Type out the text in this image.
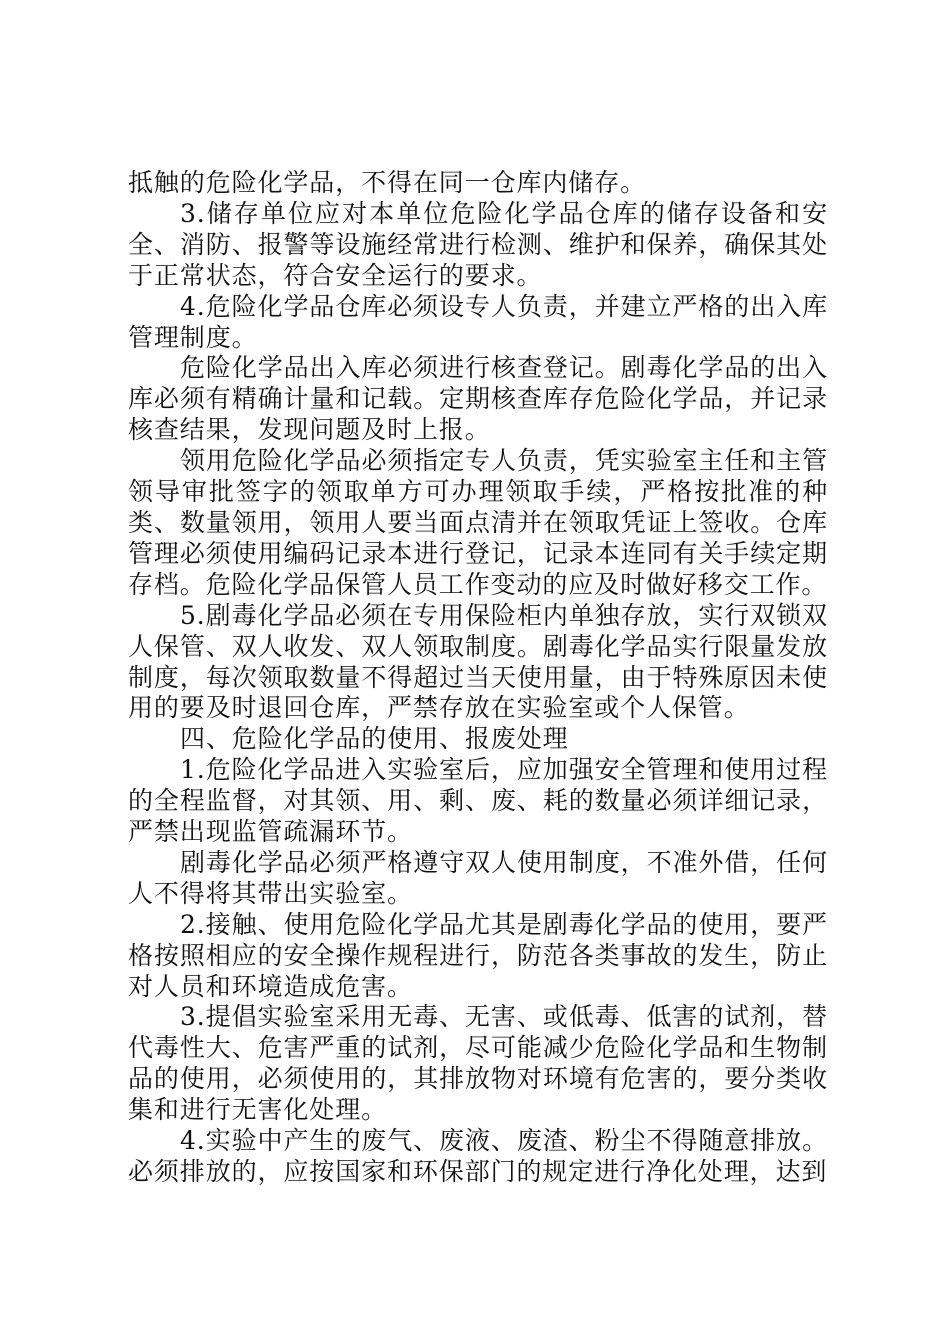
抵触的危险化学品，不得在同一仓库内储存。

3.储存单位应对本单位危险化学品仓库的储存设备和安全、消防、报警等设施经常进行检测、维护和保养，确保其处于正常状态，符合安全运行的要求。

4.危险化学品仓库必须设专人负责，并建立严格的出入库管理制度。

危险化学品出入库必须进行核查登记。剧毒化学品的出入库必须有精确计量和记载。定期核查库存危险化学品，并记录核查结果，发现问题及时上报。

领用危险化学品必须指定专人负责，凭实验室主任和主管领导审批签字的领取单方可办理领取手续，严格按批准的种类、数量领用，领用人要当面点清并在领取凭证上签收。仓库管理必须使用编码记录本进行登记，记录本连同有关手续定期存档。危险化学品保管人员工作变动的应及时做好移交工作。

5.剧毒化学品必须在专用保险柜内单独存放，实行双锁双人保管、双人收发、双人领取制度。剧毒化学品实行限量发放制度，每次领取数量不得超过当天使用量，由于特殊原因未使用的要及时退回仓库，严禁存放在实验室或个人保管。

四、危险化学品的使用、报废处理

1.危险化学品进入实验室后，应加强安全管理和使用过程的全程监督，对其领、用、剩、废、耗的数量必须详细记录，严禁出现监管疏漏环节。

剧毒化学品必须严格遵守双人使用制度，不准外借，任何人不得将其带出实验室。

2.接触、使用危险化学品尤其是剧毒化学品的使用，要严格按照相应的安全操作规程进行，防范各类事故的发生，防止对人员和环境造成危害。

3.提倡实验室采用无毒、无害、或低毒、低害的试剂，替代毒性大、危害严重的试剂，尽可能减少危险化学品和生物制品的使用，必须使用的，其排放物对环境有危害的，要分类收集和进行无害化处理。

4.实验中产生的废气、废液、废渣、粉尘不得随意排放。必须排放的，应按国家和环保部门的规定进行净化处理，达到
